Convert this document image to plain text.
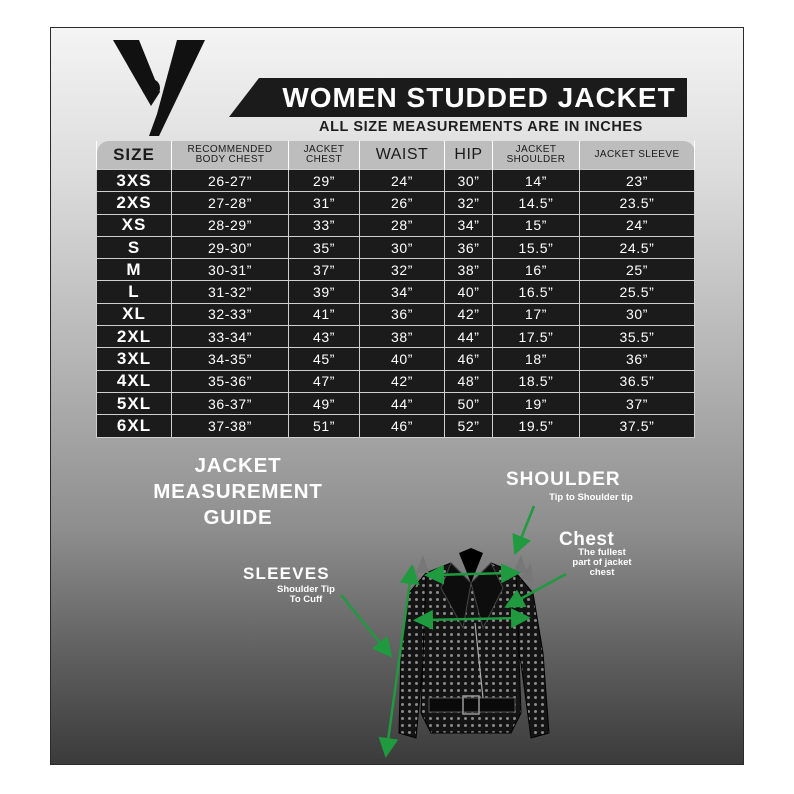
WOMEN STUDDED JACKET
ALL SIZE MEASUREMENTS ARE IN INCHES
SIZE	RECOMMENDED BODY CHEST	JACKET CHEST	WAIST	HIP	JACKET SHOULDER	JACKET SLEEVE
3XS	26-27”	29”	24”	30”	14”	23”
2XS	27-28”	31”	26”	32”	14.5”	23.5”
XS	28-29”	33”	28”	34”	15”	24”
S	29-30”	35”	30”	36”	15.5”	24.5”
M	30-31”	37”	32”	38”	16”	25”
L	31-32”	39”	34”	40”	16.5”	25.5”
XL	32-33”	41”	36”	42”	17”	30”
2XL	33-34”	43”	38”	44”	17.5”	35.5”
3XL	34-35”	45”	40”	46”	18”	36”
4XL	35-36”	47”	42”	48”	18.5”	36.5”
5XL	36-37”	49”	44”	50”	19”	37”
6XL	37-38”	51”	46”	52”	19.5”	37.5”
JACKET
MEASUREMENT
GUIDE
SHOULDER
Tip to Shoulder tip
Chest
The fullest
part of jacket
chest
SLEEVES
Shoulder Tip
To Cuff
